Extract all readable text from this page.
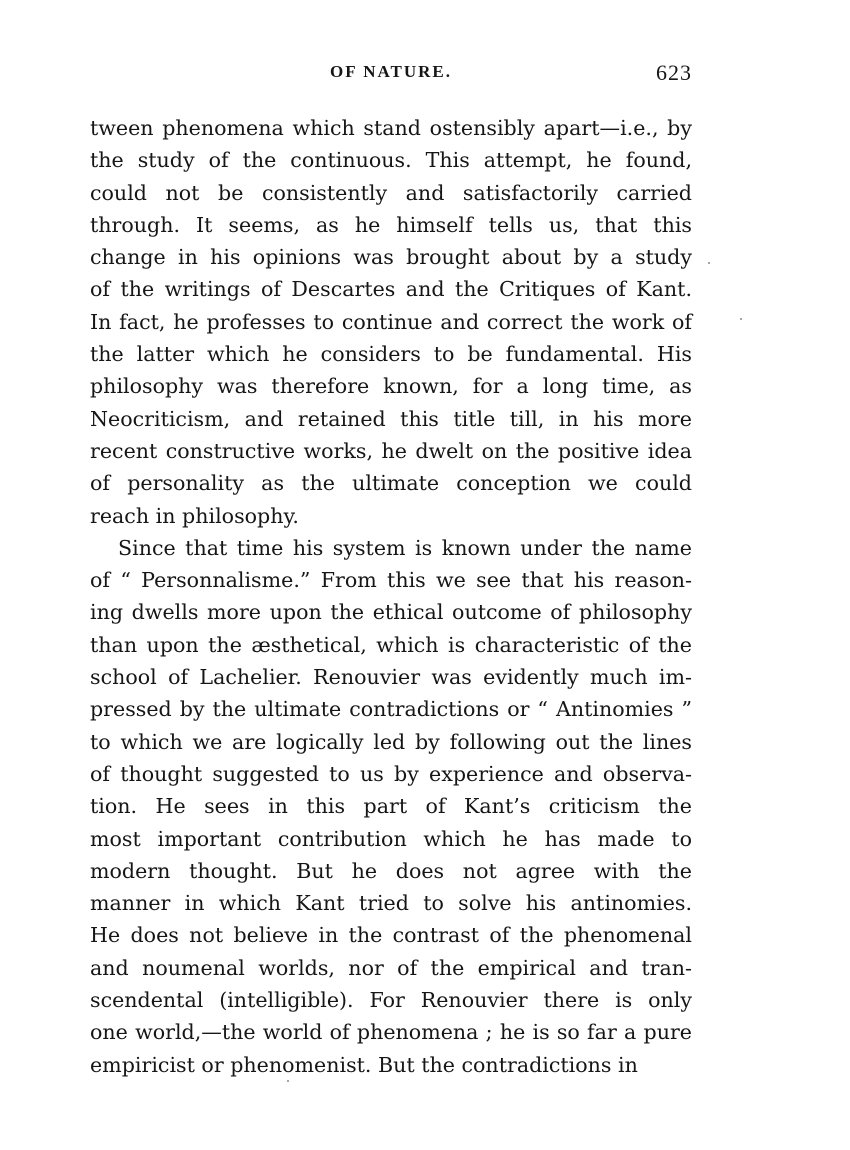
OF NATURE.	623
tween phenomena which stand ostensibly apart—i.e., by
the study of the continuous. This attempt, he found,
could not be consistently and satisfactorily carried
through. It seems, as he himself tells us, that this
change in his opinions was brought about by a study
of the writings of Descartes and the Critiques of Kant.
In fact, he professes to continue and correct the work of
the latter which he considers to be fundamental. His
philosophy was therefore known, for a long time, as
Neocriticism, and retained this title till, in his more
recent constructive works, he dwelt on the positive idea
of personality as the ultimate conception we could
reach in philosophy.
Since that time his system is known under the name
of “ Personnalisme.” From this we see that his reason-
ing dwells more upon the ethical outcome of philosophy
than upon the æsthetical, which is characteristic of the
school of Lachelier. Renouvier was evidently much im-
pressed by the ultimate contradictions or “ Antinomies ”
to which we are logically led by following out the lines
of thought suggested to us by experience and observa-
tion. He sees in this part of Kant’s criticism the
most important contribution which he has made to
modern thought. But he does not agree with the
manner in which Kant tried to solve his antinomies.
He does not believe in the contrast of the phenomenal
and noumenal worlds, nor of the empirical and tran-
scendental (intelligible). For Renouvier there is only
one world,—the world of phenomena ; he is so far a pure
empiricist or phenomenist. But the contradictions in
